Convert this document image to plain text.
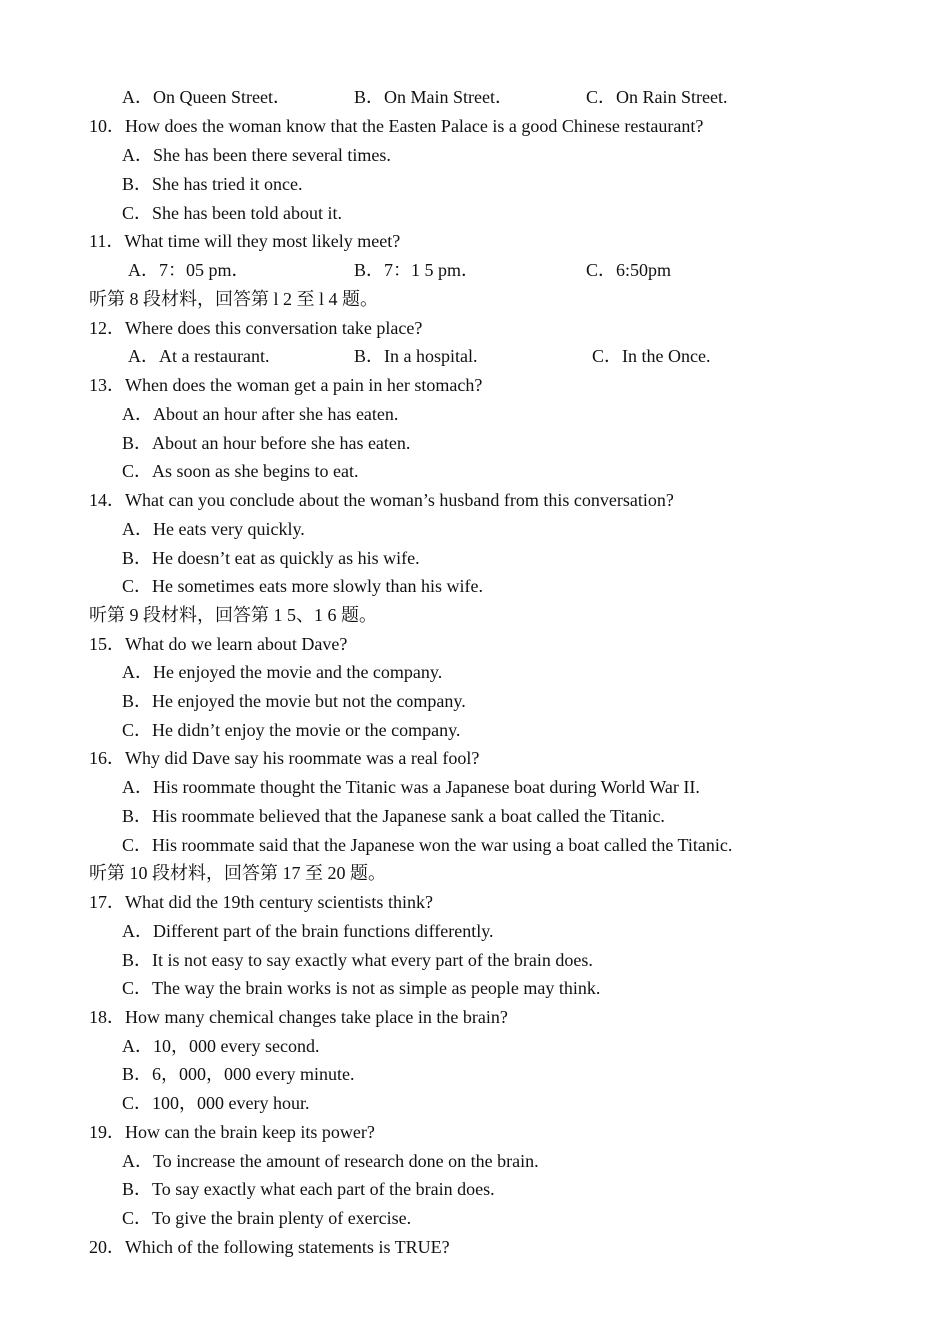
A．On Queen Street．	B．On Main Street．	C．On Rain Street.
10．How does the woman know that the Easten Palace is a good Chinese restaurant?
A．She has been there several times.
B．She has tried it once.
C．She has been told about it.
11．What time will they most likely meet?
A．7：05 pm．	B．7：1 5 pm．	C．6:50pm
听第 8 段材料，回答第 l 2 至 l 4 题。
12．Where does this conversation take place?
A．At a restaurant.	B．In a hospital.	C．In the Once.
13．When does the woman get a pain in her stomach?
A．About an hour after she has eaten.
B．About an hour before she has eaten.
C．As soon as she begins to eat.
14．What can you conclude about the woman’s husband from this conversation?
A．He eats very quickly.
B．He doesn’t eat as quickly as his wife.
C．He sometimes eats more slowly than his wife.
听第 9 段材料，回答第 1 5、1 6 题。
15．What do we learn about Dave?
A．He enjoyed the movie and the company.
B．He enjoyed the movie but not the company.
C．He didn’t enjoy the movie or the company.
16．Why did Dave say his roommate was a real fool?
A．His roommate thought the Titanic was a Japanese boat during World War II.
B．His roommate believed that the Japanese sank a boat called the Titanic.
C．His roommate said that the Japanese won the war using a boat called the Titanic.
听第 10 段材料，回答第 17 至 20 题。
17．What did the 19th century scientists think?
A．Different part of the brain functions differently.
B．It is not easy to say exactly what every part of the brain does.
C．The way the brain works is not as simple as people may think.
18．How many chemical changes take place in the brain?
A．10，000 every second.
B．6，000，000 every minute.
C．100，000 every hour.
19．How can the brain keep its power?
A．To increase the amount of research done on the brain.
B．To say exactly what each part of the brain does.
C．To give the brain plenty of exercise.
20．Which of the following statements is TRUE?
